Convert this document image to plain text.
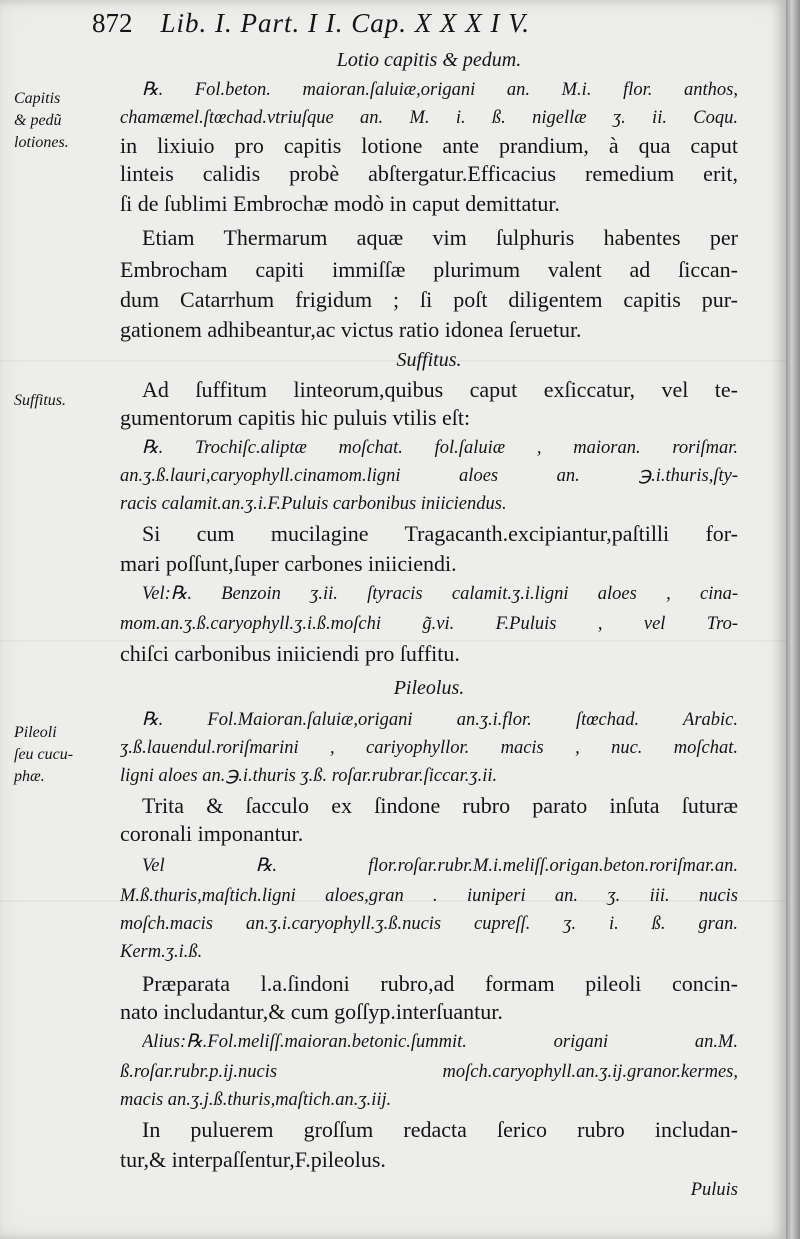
872 Lib. I. Part. I I. Cap. X X X I V.
Capitis
& pedũ
lotiones.
Suffitus.
Pileoli
ſeu cucu-
phæ.
Lotio capitis & pedum.
℞. Fol.beton. maioran.ſaluiæ,origani an. M.i. flor. anthos,
chamæmel.ſtœchad.vtriuſque an. M. i. ß. nigellæ ʒ. ii. Coqu.
in lixiuio pro capitis lotione ante prandium, à qua caput
linteis calidis probè abſtergatur.Efficacius remedium erit,
ſi de ſublimi Embrochæ modò in caput demittatur.
Etiam Thermarum aquæ vim ſulphuris habentes per
Embrocham capiti immiſſæ plurimum valent ad ſiccan-
dum Catarrhum frigidum ; ſi poſt diligentem capitis pur-
gationem adhibeantur,ac victus ratio idonea ſeruetur.
Suffitus.
Ad ſuffitum linteorum,quibus caput exſiccatur, vel te-
gumentorum capitis hic puluis vtilis eſt:
℞. Trochiſc.aliptæ moſchat. fol.ſaluiæ , maioran. roriſmar.
an.ʒ.ß.lauri,caryophyll.cinamom.ligni aloes an. ℈.i.thuris,ſty-
racis calamit.an.ʒ.i.F.Puluis carbonibus iniiciendus.
Si cum mucilagine Tragacanth.excipiantur,paſtilli for-
mari poſſunt,ſuper carbones iniiciendi.
Vel:℞. Benzoin ʒ.ii. ſtyracis calamit.ʒ.i.ligni aloes , cina-
mom.an.ʒ.ß.caryophyll.ʒ.i.ß.moſchi g̃.vi. F.Puluis , vel Tro-
chiſci carbonibus iniiciendi pro ſuffitu.
Pileolus.
℞. Fol.Maioran.ſaluiæ,origani an.ʒ.i.flor. ſtœchad. Arabic.
ʒ.ß.lauendul.roriſmarini , cariyophyllor. macis , nuc. moſchat.
ligni aloes an.℈.i.thuris ʒ.ß. roſar.rubrar.ſiccar.ʒ.ii.
Trita & ſacculo ex ſindone rubro parato inſuta ſuturæ
coronali imponantur.
Vel ℞. flor.roſar.rubr.M.i.meliſſ.origan.beton.roriſmar.an.
M.ß.thuris,maſtich.ligni aloes,gran . iuniperi an. ʒ. iii. nucis
moſch.macis an.ʒ.i.caryophyll.ʒ.ß.nucis cupreſſ. ʒ. i. ß. gran.
Kerm.ʒ.i.ß.
Præparata l.a.ſindoni rubro,ad formam pileoli concin-
nato includantur,& cum goſſyp.interſuantur.
Alius:℞.Fol.meliſſ.maioran.betonic.ſummit. origani an.M.
ß.roſar.rubr.p.ij.nucis moſch.caryophyll.an.ʒ.ij.granor.kermes,
macis an.ʒ.j.ß.thuris,maſtich.an.ʒ.iij.
In puluerem groſſum redacta ſerico rubro includan-
tur,& interpaſſentur,F.pileolus.
Puluis
